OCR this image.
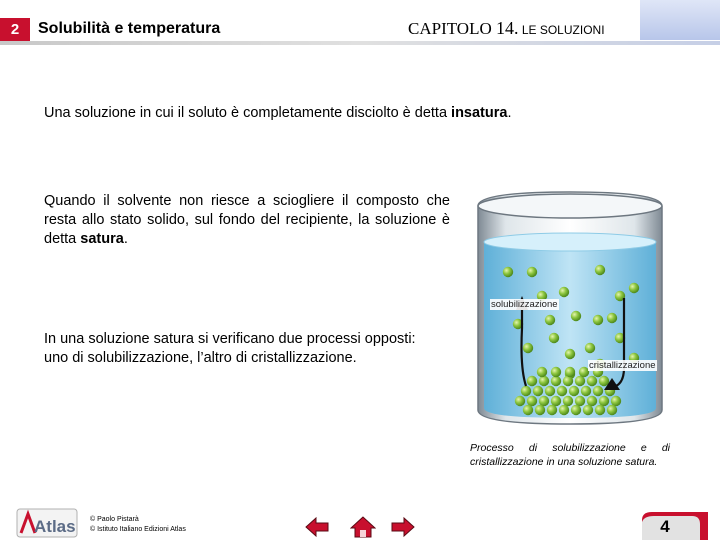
2	Solubilità e temperatura	CAPITOLO 14. LE SOLUZIONI

Una soluzione in cui il soluto è completamente disciolto è detta insatura.

Quando il solvente non riesce a sciogliere il composto che resta allo stato solido, sul fondo del recipiente, la soluzione è detta satura.

In una soluzione satura si verificano due processi opposti:
uno di solubilizzazione, l’altro di cristallizzazione.

solubilizzazione
cristallizzazione

Processo di solubilizzazione e di cristallizzazione in una soluzione satura.

Atlas © Paolo Pistarà
© Istituto Italiano Edizioni Atlas	4
